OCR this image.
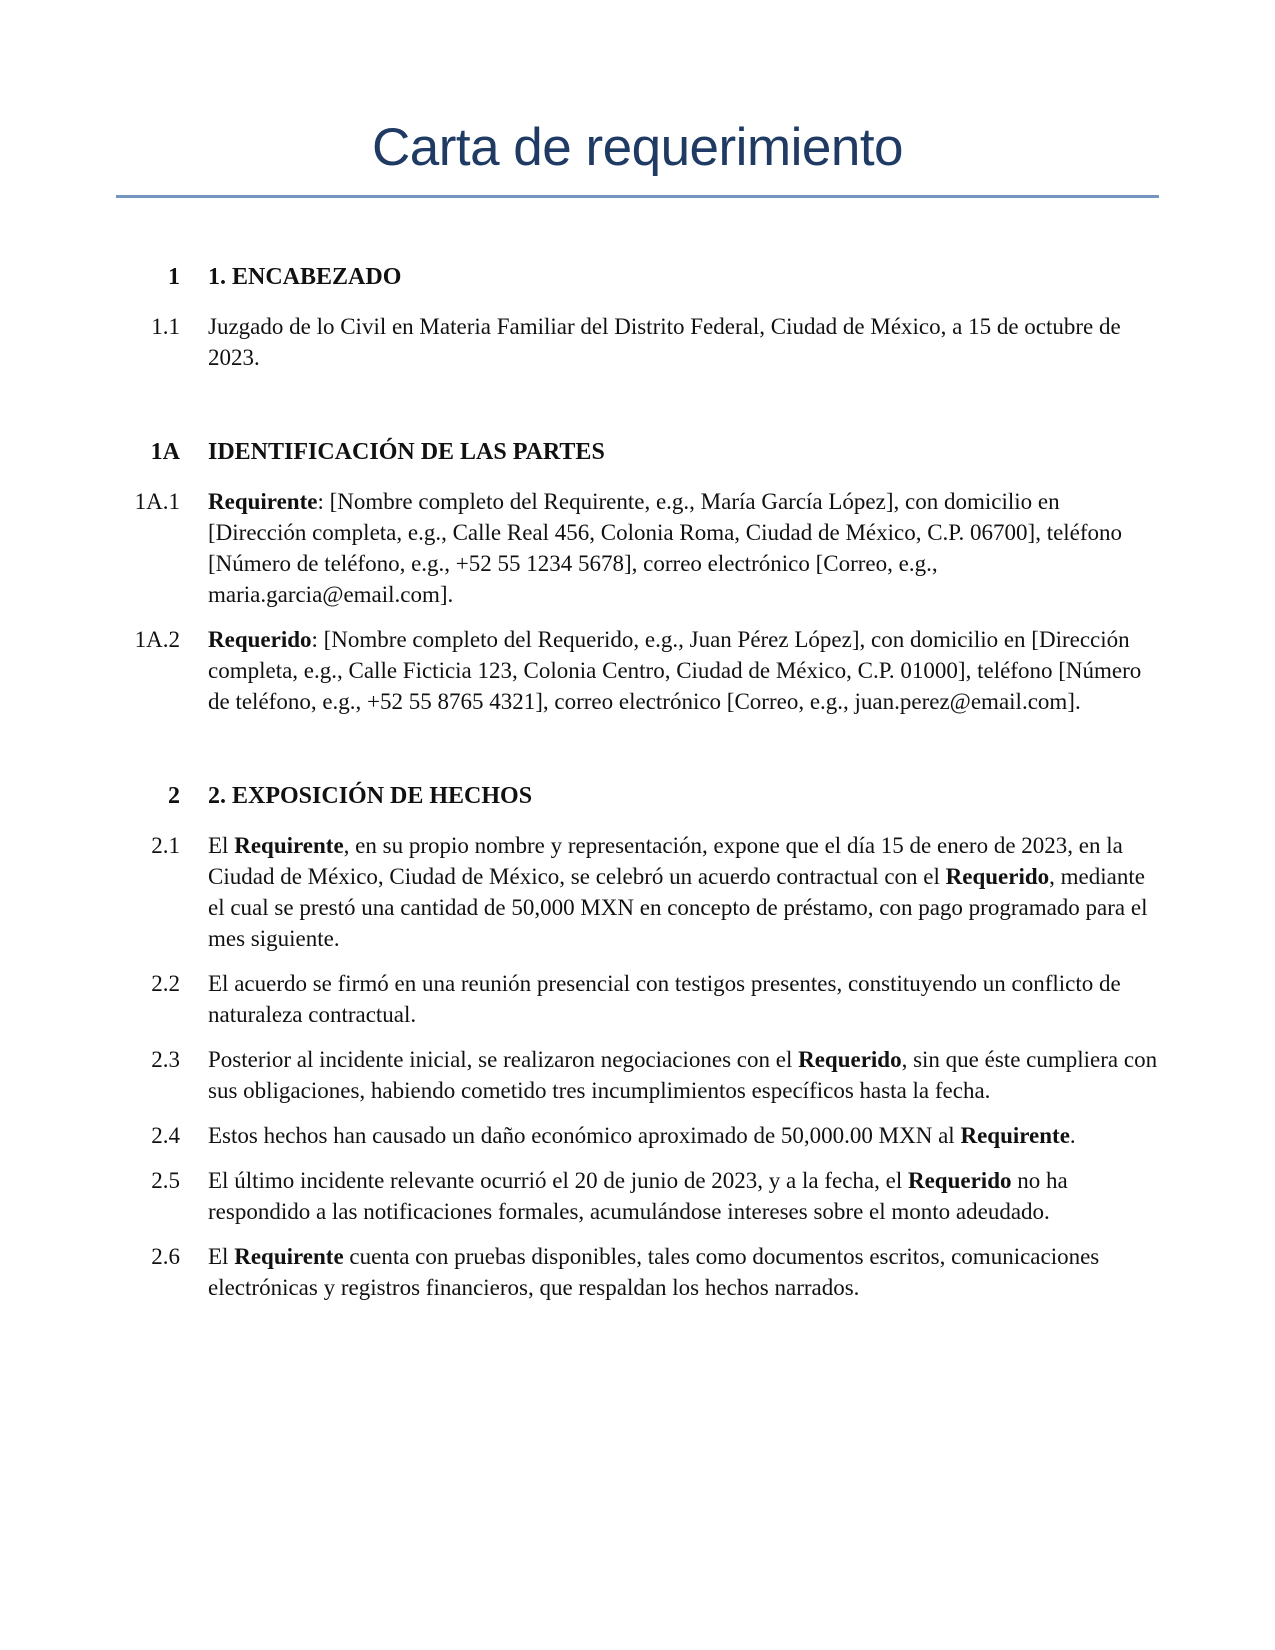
Carta de requerimiento
1 1. ENCABEZADO
1.1 Juzgado de lo Civil en Materia Familiar del Distrito Federal, Ciudad de México, a 15 de octubre de 2023.
1A IDENTIFICACIÓN DE LAS PARTES
1A.1 Requirente: [Nombre completo del Requirente, e.g., María García López], con domicilio en [Dirección completa, e.g., Calle Real 456, Colonia Roma, Ciudad de México, C.P. 06700], teléfono [Número de teléfono, e.g., +52 55 1234 5678], correo electrónico [Correo, e.g., maria.garcia@email.com].
1A.2 Requerido: [Nombre completo del Requerido, e.g., Juan Pérez López], con domicilio en [Dirección completa, e.g., Calle Ficticia 123, Colonia Centro, Ciudad de México, C.P. 01000], teléfono [Número de teléfono, e.g., +52 55 8765 4321], correo electrónico [Correo, e.g., juan.perez@email.com].
2 2. EXPOSICIÓN DE HECHOS
2.1 El Requirente, en su propio nombre y representación, expone que el día 15 de enero de 2023, en la Ciudad de México, Ciudad de México, se celebró un acuerdo contractual con el Requerido, mediante el cual se prestó una cantidad de 50,000 MXN en concepto de préstamo, con pago programado para el mes siguiente.
2.2 El acuerdo se firmó en una reunión presencial con testigos presentes, constituyendo un conflicto de naturaleza contractual.
2.3 Posterior al incidente inicial, se realizaron negociaciones con el Requerido, sin que éste cumpliera con sus obligaciones, habiendo cometido tres incumplimientos específicos hasta la fecha.
2.4 Estos hechos han causado un daño económico aproximado de 50,000.00 MXN al Requirente.
2.5 El último incidente relevante ocurrió el 20 de junio de 2023, y a la fecha, el Requerido no ha respondido a las notificaciones formales, acumulándose intereses sobre el monto adeudado.
2.6 El Requirente cuenta con pruebas disponibles, tales como documentos escritos, comunicaciones electrónicas y registros financieros, que respaldan los hechos narrados.
